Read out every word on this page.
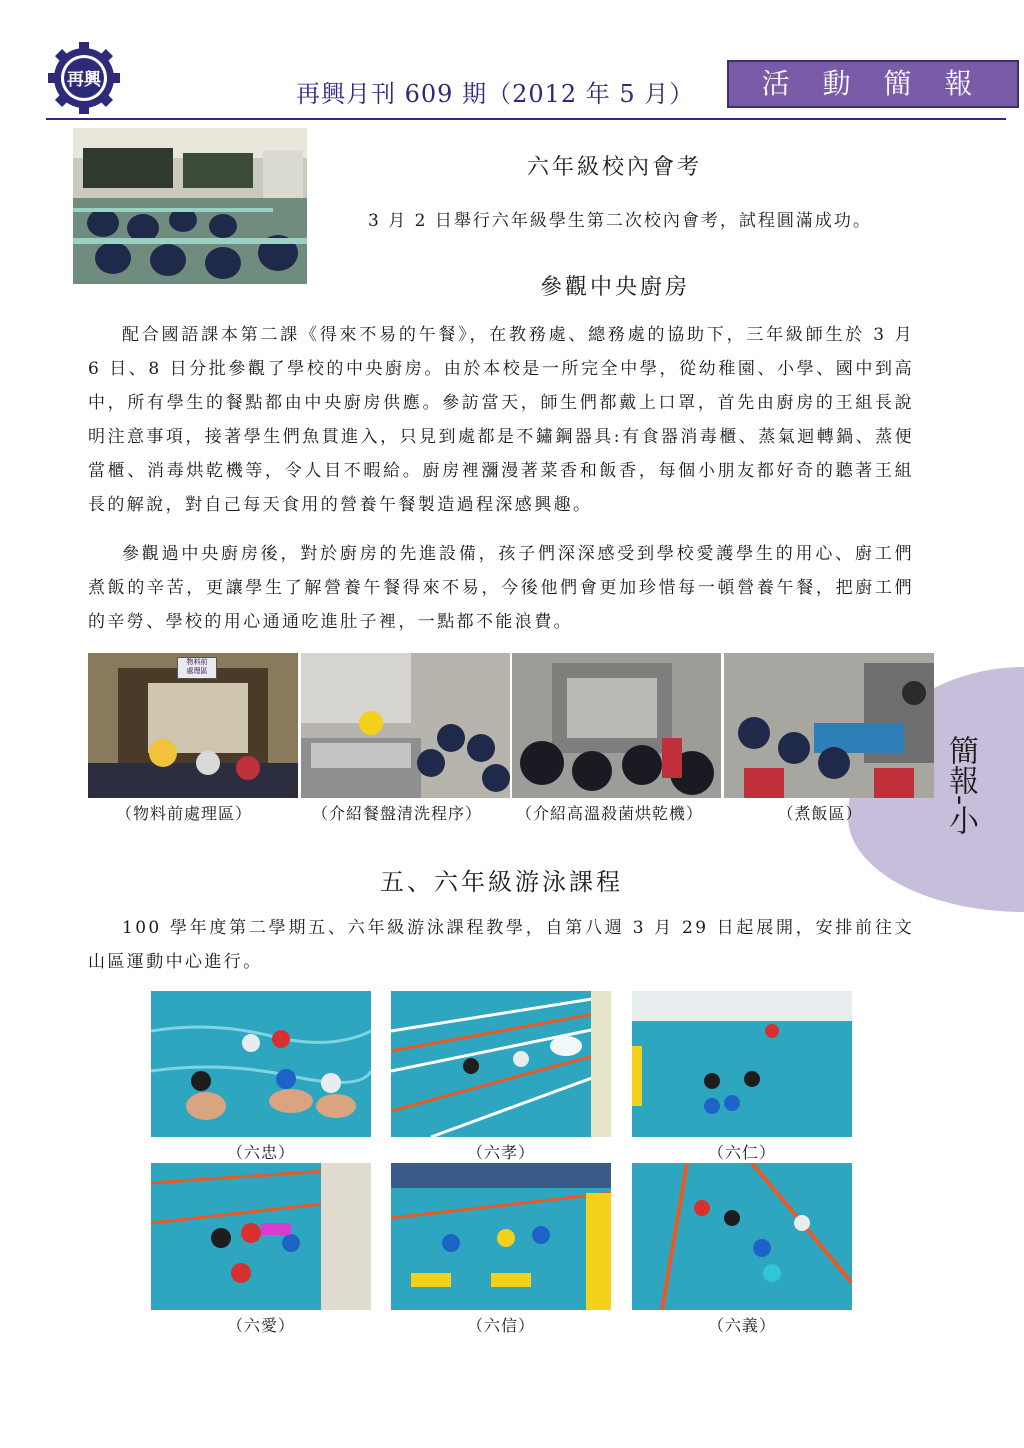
再興	再興月刊 609 期（2012 年 5 月）	活 動 簡 報
簡報-小
六年級校內會考
3 月 2 日舉行六年級學生第二次校內會考，試程圓滿成功。
參觀中央廚房

配合國語課本第二課《得來不易的午餐》，在教務處、總務處的協助下，三年級師生於 3 月 6 日、8 日分批參觀了學校的中央廚房。由於本校是一所完全中學，從幼稚園、小學、國中到高中，所有學生的餐點都由中央廚房供應。參訪當天，師生們都戴上口罩，首先由廚房的王組長說明注意事項，接著學生們魚貫進入，只見到處都是不鏽鋼器具:有食器消毒櫃、蒸氣迴轉鍋、蒸便當櫃、消毒烘乾機等，令人目不暇給。廚房裡瀰漫著菜香和飯香，每個小朋友都好奇的聽著王組長的解說，對自己每天食用的營養午餐製造過程深感興趣。

參觀過中央廚房後，對於廚房的先進設備，孩子們深深感受到學校愛護學生的用心、廚工們煮飯的辛苦，更讓學生了解營養午餐得來不易，今後他們會更加珍惜每一頓營養午餐，把廚工們的辛勞、學校的用心通通吃進肚子裡，一點都不能浪費。

物料前
處理區
（物料前處理區）	（介紹餐盤清洗程序）	（介紹高溫殺菌烘乾機）	（煮飯區）
五、六年級游泳課程

100 學年度第二學期五、六年級游泳課程教學，自第八週 3 月 29 日起展開，安排前往文山區運動中心進行。

（六忠）	（六孝）	（六仁）
（六愛）	（六信）	（六義）
